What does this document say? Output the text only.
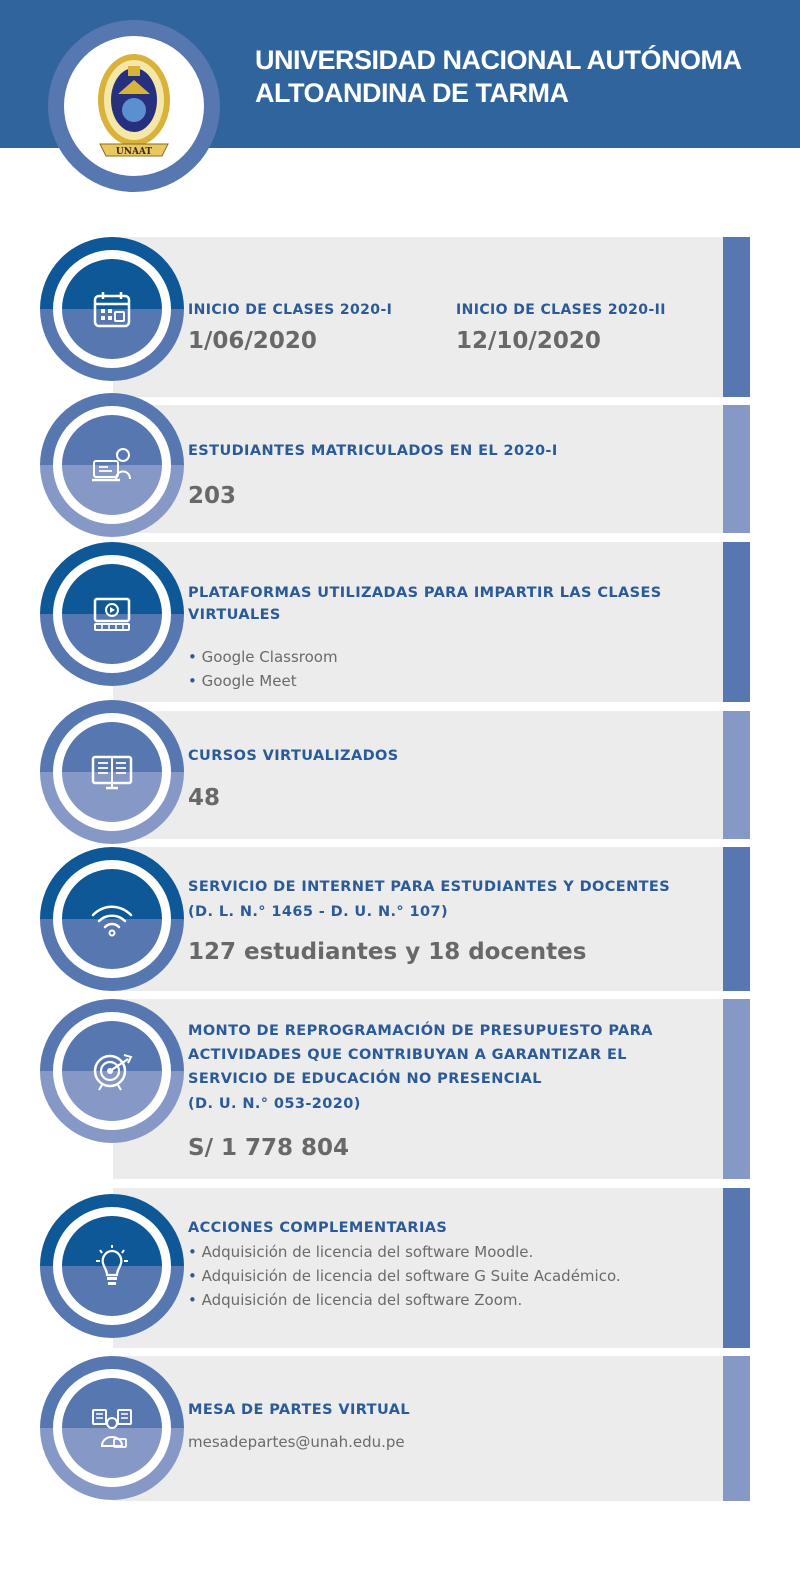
UNIVERSIDAD NACIONAL AUTÓNOMA
ALTOANDINA DE TARMA
UNAAT
INICIO DE CLASES 2020-I
1/06/2020
INICIO DE CLASES 2020-II
12/10/2020
ESTUDIANTES MATRICULADOS EN EL 2020-I
203
PLATAFORMAS UTILIZADAS PARA IMPARTIR LAS CLASES
VIRTUALES
• Google Classroom
• Google Meet
CURSOS VIRTUALIZADOS
48
SERVICIO DE INTERNET PARA ESTUDIANTES Y DOCENTES
(D. L. N.° 1465 - D. U. N.° 107)
127 estudiantes y 18 docentes
MONTO DE REPROGRAMACIÓN DE PRESUPUESTO PARA
ACTIVIDADES QUE CONTRIBUYAN A GARANTIZAR EL
SERVICIO DE EDUCACIÓN NO PRESENCIAL
(D. U. N.° 053-2020)
S/ 1 778 804
ACCIONES COMPLEMENTARIAS
• Adquisición de licencia del software Moodle.
• Adquisición de licencia del software G Suite Académico.
• Adquisición de licencia del software Zoom.
MESA DE PARTES VIRTUAL
mesadepartes@unah.edu.pe
